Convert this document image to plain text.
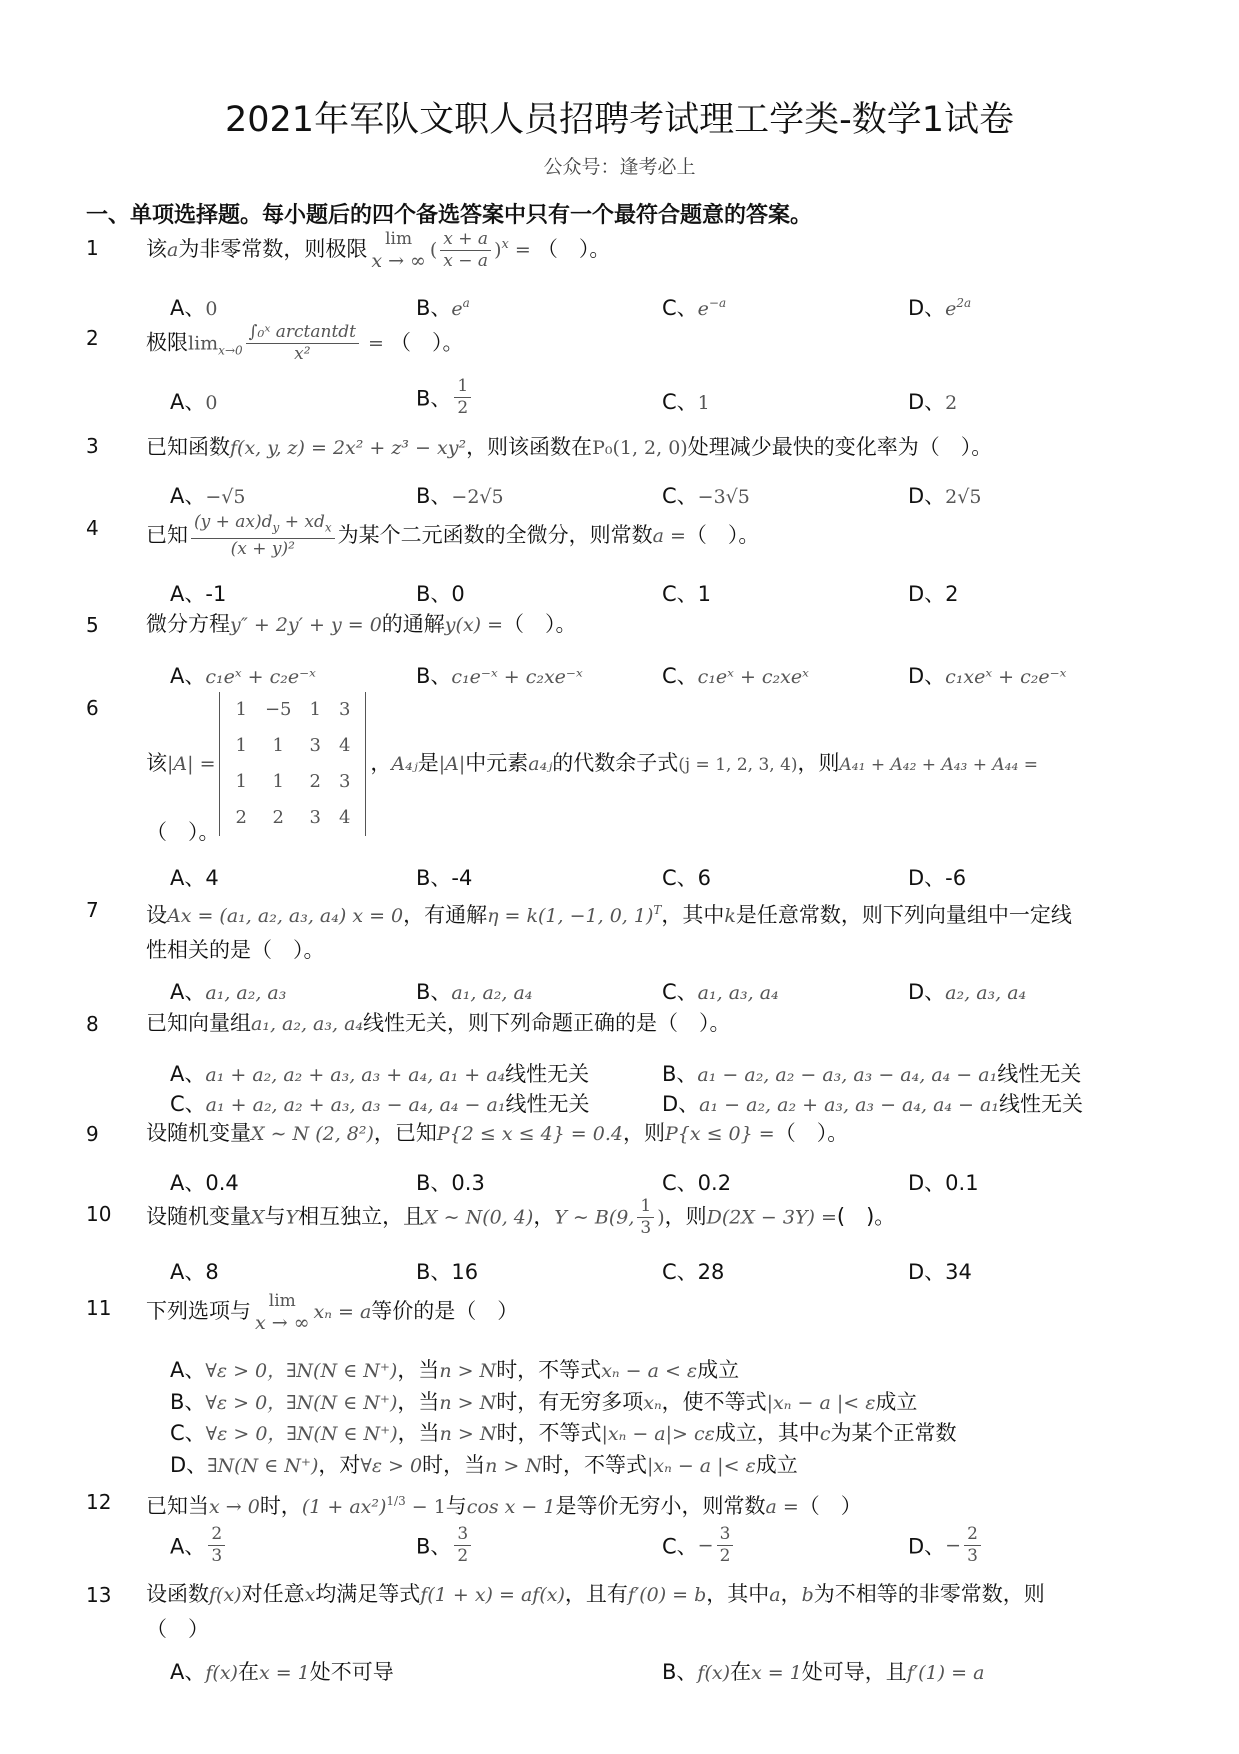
2021年军队文职人员招聘考试理工学类-数学1试卷
公众号：逢考必上
一、单项选择题。每小题后的四个备选答案中只有一个最符合题意的答案。
1 该a为非零常数，则极限	lim
x → ∞ ( $\frac{x + a}{x - a} )^x$ = （　）。
A、0	B、$e^a$	C、$e^{-a}$	D、$e^{2a}$
2 极限$\lim_{x\to 0} \frac{\text{∫₀ˣ arctantdt}}{\text{x²}}$ = （　）。
A、0	B、 $\frac{1}{2}$	C、1	D、2
3 已知函数f(x, y, z) = 2x² + z³ − xy²，则该函数在P₀(1, 2, 0)处理减少最快的变化率为（　）。
A、−√5	B、−2√5	C、−3√5	D、2√5
4 已知 $\frac{(y + ax)d_y + xd_x}{\text{(x + y)²}}$ 为某个二元函数的全微分，则常数a =（　）。
A、-1	B、0	C、1	D、2
5 微分方程y″ + 2y′ + y = 0的通解y(x) =（　）。
A、c₁eˣ + c₂e⁻ˣ	B、c₁e⁻ˣ + c₂xe⁻ˣ	C、c₁eˣ + c₂xeˣ	D、c₁xeˣ + c₂e⁻ˣ
6
该|A| =
1	−5	1	3
1	1	3	4
1	1	2	3
2	2	3	4
，A₄ⱼ是|A|中元素a₄ⱼ的代数余子式(j = 1, 2, 3, 4)，则A₄₁ + A₄₂ + A₄₃ + A₄₄ =
（　）。
A、4	B、-4	C、6	D、-6
7 设Ax = (a₁, a₂, a₃, a₄) x = 0，有通解η = k(1, −1, 0, 1)$^T$，其中k是任意常数，则下列向量组中一定线
性相关的是（　）。
A、a₁, a₂, a₃	B、a₁, a₂, a₄	C、a₁, a₃, a₄	D、a₂, a₃, a₄
8 已知向量组a₁, a₂, a₃, a₄线性无关，则下列命题正确的是（　）。
A、a₁ + a₂, a₂ + a₃, a₃ + a₄, a₁ + a₄线性无关	B、a₁ − a₂, a₂ − a₃, a₃ − a₄, a₄ − a₁线性无关
C、a₁ + a₂, a₂ + a₃, a₃ − a₄, a₄ − a₁线性无关	D、a₁ − a₂, a₂ + a₃, a₃ − a₄, a₄ − a₁线性无关
9 设随机变量X ∼ N (2, 8²)，已知P{2 ≤ x ≤ 4} = 0.4，则P{x ≤ 0} =（　）。
A、0.4	B、0.3	C、0.2	D、0.1
10 设随机变量X与Y相互独立，且X ∼ N(0, 4)，Y ∼ B(9, $\frac{1}{3}$ )，则D(2X − 3Y) =(　)。
A、8	B、16	C、28	D、34
11 下列选项与	lim
x → ∞ xₙ = a等价的是（　）
A、∀ε > 0，∃N(N ∈ N⁺)，当n > N时，不等式xₙ − a < ε成立
B、∀ε > 0，∃N(N ∈ N⁺)，当n > N时，有无穷多项xₙ，使不等式|xₙ − a |< ε成立
C、∀ε > 0，∃N(N ∈ N⁺)，当n > N时，不等式|xₙ − a|> cε成立，其中c为某个正常数
D、∃N(N ∈ N⁺)，对∀ε > 0时，当n > N时，不等式|xₙ − a |< ε成立
12 已知当x → 0时，$(1 + ax^2)^{1/3} - 1$与cos x − 1是等价无穷小，则常数a =（　）
A、 $\frac{2}{3}$	B、 $\frac{3}{2}$	C、− $\frac{3}{2}$	D、− $\frac{2}{3}$
13 设函数f(x)对任意x均满足等式f(1 + x) = af(x)，且有f′(0) = b，其中a，b为不相等的非零常数，则
（　）
A、f(x)在x = 1处不可导	B、f(x)在x = 1处可导，且f′(1) = a
